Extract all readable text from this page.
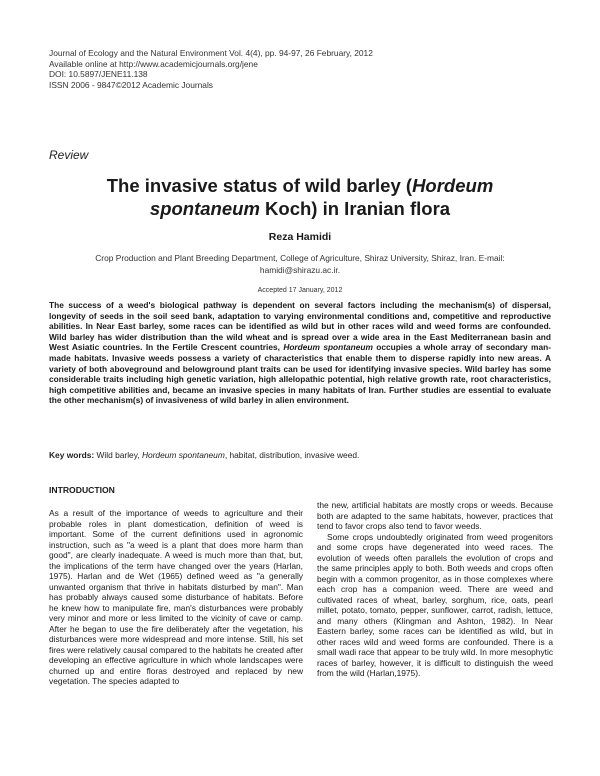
Journal of Ecology and the Natural Environment Vol. 4(4), pp. 94-97, 26 February, 2012
Available online at http://www.academicjournals.org/jene
DOI: 10.5897/JENE11.138
ISSN 2006 - 9847©2012 Academic Journals
Review
The invasive status of wild barley (Hordeum spontaneum Koch) in Iranian flora
Reza Hamidi
Crop Production and Plant Breeding Department, College of Agriculture, Shiraz University, Shiraz, Iran. E-mail: hamidi@shirazu.ac.ir.
Accepted 17 January, 2012
The success of a weed's biological pathway is dependent on several factors including the mechanism(s) of dispersal, longevity of seeds in the soil seed bank, adaptation to varying environmental conditions and, competitive and reproductive abilities. In Near East barley, some races can be identified as wild but in other races wild and weed forms are confounded. Wild barley has wider distribution than the wild wheat and is spread over a wide area in the East Mediterranean basin and West Asiatic countries. In the Fertile Crescent countries, Hordeum spontaneum occupies a whole array of secondary man-made habitats. Invasive weeds possess a variety of characteristics that enable them to disperse rapidly into new areas. A variety of both aboveground and belowground plant traits can be used for identifying invasive species. Wild barley has some considerable traits including high genetic variation, high allelopathic potential, high relative growth rate, root characteristics, high competitive abilities and, became an invasive species in many habitats of Iran. Further studies are essential to evaluate the other mechanism(s) of invasiveness of wild barley in alien environment.
Key words: Wild barley, Hordeum spontaneum, habitat, distribution, invasive weed.
INTRODUCTION

As a result of the importance of weeds to agriculture and their probable roles in plant domestication, definition of weed is important. Some of the current definitions used in agronomic instruction, such as "a weed is a plant that does more harm than good", are clearly inadequate. A weed is much more than that, but, the implications of the term have changed over the years (Harlan, 1975). Harlan and de Wet (1965) defined weed as "a generally unwanted organism that thrive in habitats disturbed by man". Man has probably always caused some disturbance of habitats. Before he knew how to manipulate fire, man's disturbances were probably very minor and more or less limited to the vicinity of cave or camp. After he began to use the fire deliberately after the vegetation, his disturbances were more widespread and more intense. Still, his set fires were relatively causal compared to the habitats he created after developing an effective agriculture in which whole landscapes were churned up and entire floras destroyed and replaced by new vegetation. The species adapted to

the new, artificial habitats are mostly crops or weeds. Because both are adapted to the same habitats, however, practices that tend to favor crops also tend to favor weeds.

Some crops undoubtedly originated from weed progenitors and some crops have degenerated into weed races. The evolution of weeds often parallels the evolution of crops and the same principles apply to both. Both weeds and crops often begin with a common progenitor, as in those complexes where each crop has a companion weed. There are weed and cultivated races of wheat, barley, sorghum, rice, oats, pearl millet, potato, tomato, pepper, sunflower, carrot, radish, lettuce, and many others (Klingman and Ashton, 1982). In Near Eastern barley, some races can be identified as wild, but in other races wild and weed forms are confounded. There is a small wadi race that appear to be truly wild. In more mesophytic races of barley, however, it is difficult to distinguish the weed from the wild (Harlan,1975).
